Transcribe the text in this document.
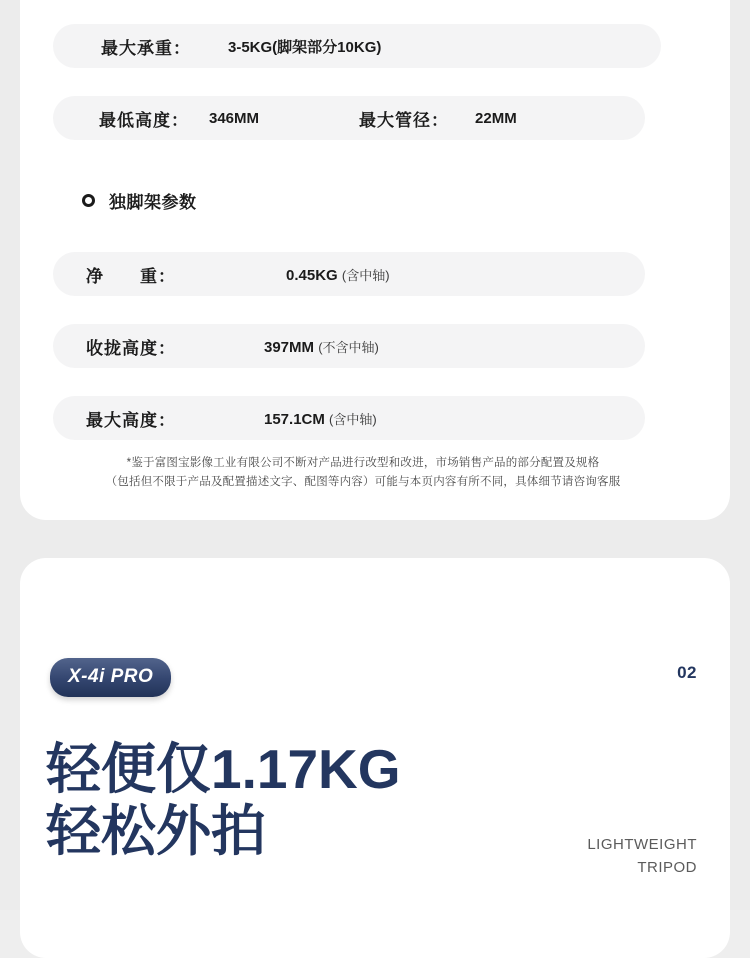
最大承重： 3-5KG(脚架部分10KG)
最低高度： 346MM	最大管径： 22MM
独脚架参数
净　　重：	0.45KG (含中轴)
收拢高度：	397MM (不含中轴)
最大高度：	157.1CM (含中轴)
*鉴于富图宝影像工业有限公司不断对产品进行改型和改进，市场销售产品的部分配置及规格
（包括但不限于产品及配置描述文字、配图等内容）可能与本页内容有所不同，具体细节请咨询客服
X-4i PRO	02
轻便仅1.17KG
轻松外拍	LIGHTWEIGHT
TRIPOD
